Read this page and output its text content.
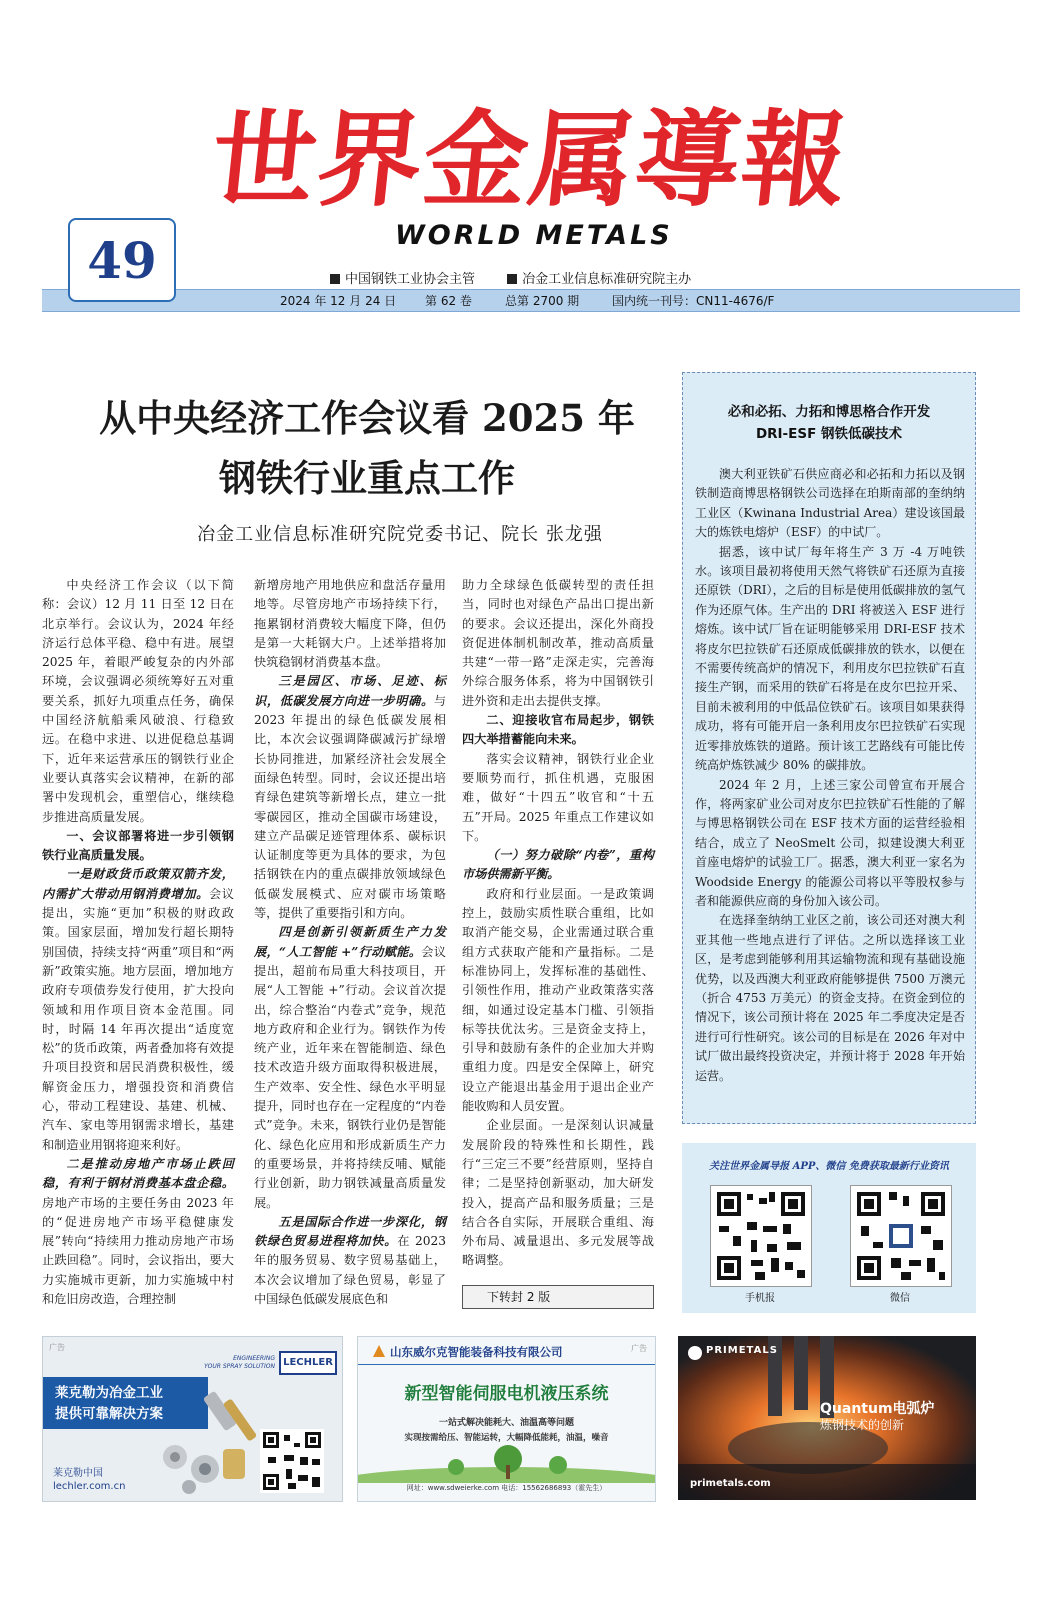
世界金属導報
WORLD METALS
49	中国钢铁工业协会主管	冶金工业信息标准研究院主办
2024 年 12 月 24 日 第 62 卷	总第 2700 期	国内统一刊号：CN11-4676/F
从中央经济工作会议看 2025 年
钢铁行业重点工作
冶金工业信息标准研究院党委书记、院长 张龙强

中央经济工作会议（以下简称：会议）12 月 11 日至 12 日在北京举行。会议认为，2024 年经济运行总体平稳、稳中有进。展望 2025 年，着眼严峻复杂的内外部环境，会议强调必须统筹好五对重要关系，抓好九项重点任务，确保中国经济航船乘风破浪、行稳致远。在稳中求进、以进促稳总基调下，近年来运营承压的钢铁行业企业要认真落实会议精神，在新的部署中发现机会，重塑信心，继续稳步推进高质量发展。

一、会议部署将进一步引领钢铁行业高质量发展。

一是财政货币政策双箭齐发，内需扩大带动用钢消费增加。会议提出，实施“更加”积极的财政政策。国家层面，增加发行超长期特别国债，持续支持“两重”项目和“两新”政策实施。地方层面，增加地方政府专项债券发行使用，扩大投向领域和用作项目资本金范围。同时，时隔 14 年再次提出“适度宽松”的货币政策，两者叠加将有效提升项目投资和居民消费积极性，缓解资金压力，增强投资和消费信心，带动工程建设、基建、机械、汽车、家电等用钢需求增长，基建和制造业用钢将迎来利好。

二是推动房地产市场止跌回稳，有利于钢材消费基本盘企稳。房地产市场的主要任务由 2023 年的“促进房地产市场平稳健康发展”转向“持续用力推动房地产市场止跌回稳”。同时，会议指出，要大力实施城市更新，加力实施城中村和危旧房改造，合理控制

新增房地产用地供应和盘活存量用地等。尽管房地产市场持续下行，拖累钢材消费较大幅度下降，但仍是第一大耗钢大户。上述举措将加快筑稳钢材消费基本盘。

三是园区、市场、足迹、标识，低碳发展方向进一步明确。与 2023 年提出的绿色低碳发展相比，本次会议强调降碳减污扩绿增长协同推进，加紧经济社会发展全面绿色转型。同时，会议还提出培育绿色建筑等新增长点，建立一批零碳园区，推动全国碳市场建设，建立产品碳足迹管理体系、碳标识认证制度等更为具体的要求，为包括钢铁在内的重点碳排放领域绿色低碳发展模式、应对碳市场策略等，提供了重要指引和方向。

四是创新引领新质生产力发展，“人工智能 +”行动赋能。会议提出，超前布局重大科技项目，开展“人工智能 +”行动。会议首次提出，综合整治“内卷式”竞争，规范地方政府和企业行为。钢铁作为传统产业，近年来在智能制造、绿色技术改造升级方面取得积极进展，生产效率、安全性、绿色水平明显提升，同时也存在一定程度的“内卷式”竞争。未来，钢铁行业仍是智能化、绿色化应用和形成新质生产力的重要场景，并将持续反哺、赋能行业创新，助力钢铁减量高质量发展。

五是国际合作进一步深化，钢铁绿色贸易进程将加快。在 2023 年的服务贸易、数字贸易基础上，本次会议增加了绿色贸易，彰显了中国绿色低碳发展底色和

助力全球绿色低碳转型的责任担当，同时也对绿色产品出口提出新的要求。会议还提出，深化外商投资促进体制机制改革，推动高质量共建“一带一路”走深走实，完善海外综合服务体系，将为中国钢铁引进外资和走出去提供支撑。

二、迎接收官布局起步，钢铁四大举措蓄能向未来。

落实会议精神，钢铁行业企业要顺势而行，抓住机遇，克服困难，做好“十四五”收官和“十五五”开局。2025 年重点工作建议如下。

（一）努力破除“内卷”，重构市场供需新平衡。

政府和行业层面。一是政策调控上，鼓励实质性联合重组，比如取消产能交易，企业需通过联合重组方式获取产能和产量指标。二是标准协同上，发挥标准的基础性、引领性作用，推动产业政策落实落细，如通过设定基本门槛、引领指标等扶优汰劣。三是资金支持上，引导和鼓励有条件的企业加大并购重组力度。四是安全保障上，研究设立产能退出基金用于退出企业产能收购和人员安置。

企业层面。一是深刻认识减量发展阶段的特殊性和长期性，践行“三定三不要”经营原则，坚持自律；二是坚持创新驱动，加大研发投入，提高产品和服务质量；三是结合各自实际，开展联合重组、海外布局、减量退出、多元发展等战略调整。

下转封 2 版
必和必拓、力拓和博思格合作开发
DRI-ESF 钢铁低碳技术

澳大利亚铁矿石供应商必和必拓和力拓以及钢铁制造商博思格钢铁公司选择在珀斯南部的奎纳纳工业区（Kwinana Industrial Area）建设该国最大的炼铁电熔炉（ESF）的中试厂。

据悉，该中试厂每年将生产 3 万 -4 万吨铁水。该项目最初将使用天然气将铁矿石还原为直接还原铁（DRI），之后的目标是使用低碳排放的氢气作为还原气体。生产出的 DRI 将被送入 ESF 进行熔炼。该中试厂旨在证明能够采用 DRI-ESF 技术将皮尔巴拉铁矿石还原成低碳排放的铁水，以便在不需要传统高炉的情况下，利用皮尔巴拉铁矿石直接生产钢，而采用的铁矿石将是在皮尔巴拉开采、目前未被利用的中低品位铁矿石。该项目如果获得成功，将有可能开启一条利用皮尔巴拉铁矿石实现近零排放炼铁的道路。预计该工艺路线有可能比传统高炉炼铁减少 80% 的碳排放。

2024 年 2 月，上述三家公司曾宣布开展合作，将两家矿业公司对皮尔巴拉铁矿石性能的了解与博思格钢铁公司在 ESF 技术方面的运营经验相结合，成立了 NeoSmelt 公司，拟建设澳大利亚首座电熔炉的试验工厂。据悉，澳大利亚一家名为 Woodside Energy 的能源公司将以平等股权参与者和能源供应商的身份加入该公司。

在选择奎纳纳工业区之前，该公司还对澳大利亚其他一些地点进行了评估。之所以选择该工业区，是考虑到能够利用其运输物流和现有基础设施优势，以及西澳大利亚政府能够提供 7500 万澳元（折合 4753 万美元）的资金支持。在资金到位的情况下，该公司预计将在 2025 年二季度决定是否进行可行性研究。该公司的目标是在 2026 年对中试厂做出最终投资决定，并预计将于 2028 年开始运营。

关注世界金属导报 APP、微信 免费获取最新行业资讯
手机报	微信
广告
ENGINEERING
YOUR SPRAY SOLUTION LECHLER
莱克勒为冶金工业
提供可靠解决方案
莱克勒中国
lechler.com.cn
广告
山东威尔克智能装备科技有限公司
新型智能伺服电机液压系统
一站式解决能耗大、油温高等问题
实现按需给压、智能运转，大幅降低能耗，油温，噪音
网址：www.sdweierke.com 电话：15562686893（霍先生）
PRIMETALS
Quantum电弧炉
炼钢技术的创新
primetals.com
